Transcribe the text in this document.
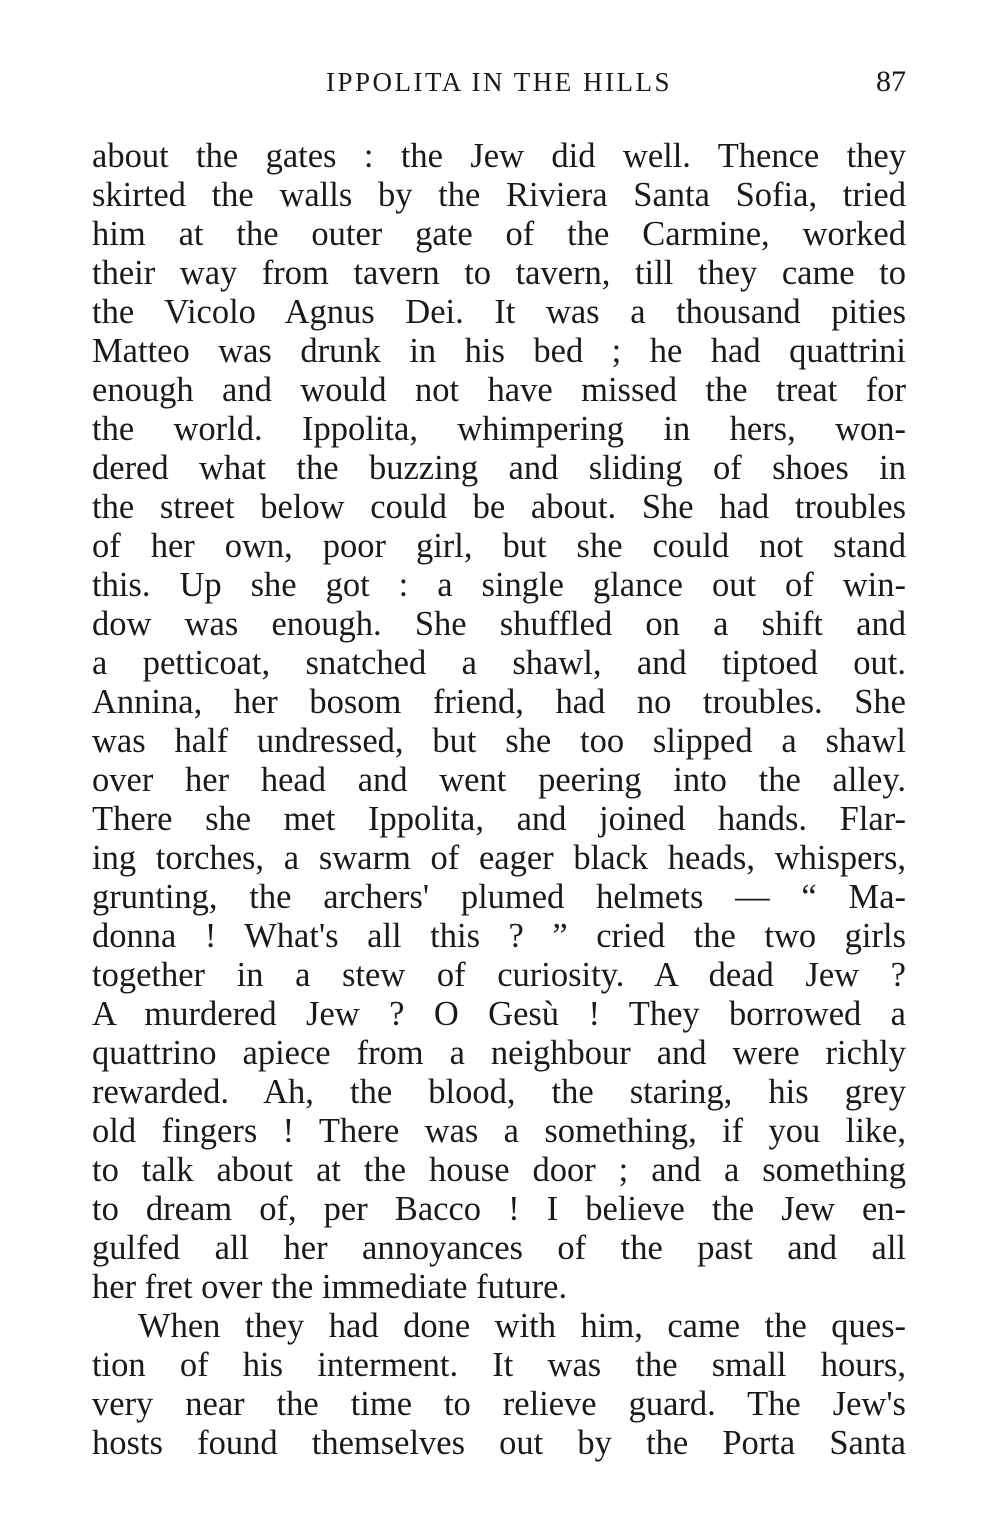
IPPOLITA IN THE HILLS	87
about the gates : the Jew did well. Thence they
skirted the walls by the Riviera Santa Sofia, tried
him at the outer gate of the Carmine, worked
their way from tavern to tavern, till they came to
the Vicolo Agnus Dei. It was a thousand pities
Matteo was drunk in his bed ; he had quattrini
enough and would not have missed the treat for
the world. Ippolita, whimpering in hers, won-
dered what the buzzing and sliding of shoes in
the street below could be about. She had troubles
of her own, poor girl, but she could not stand
this. Up she got : a single glance out of win-
dow was enough. She shuffled on a shift and
a petticoat, snatched a shawl, and tiptoed out.
Annina, her bosom friend, had no troubles. She
was half undressed, but she too slipped a shawl
over her head and went peering into the alley.
There she met Ippolita, and joined hands. Flar-
ing torches, a swarm of eager black heads, whispers,
grunting, the archers' plumed helmets — “ Ma-
donna ! What's all this ? ” cried the two girls
together in a stew of curiosity. A dead Jew ?
A murdered Jew ? O Gesù ! They borrowed a
quattrino apiece from a neighbour and were richly
rewarded. Ah, the blood, the staring, his grey
old fingers ! There was a something, if you like,
to talk about at the house door ; and a something
to dream of, per Bacco ! I believe the Jew en-
gulfed all her annoyances of the past and all
her fret over the immediate future.
When they had done with him, came the ques-
tion of his interment. It was the small hours,
very near the time to relieve guard. The Jew's
hosts found themselves out by the Porta Santa
